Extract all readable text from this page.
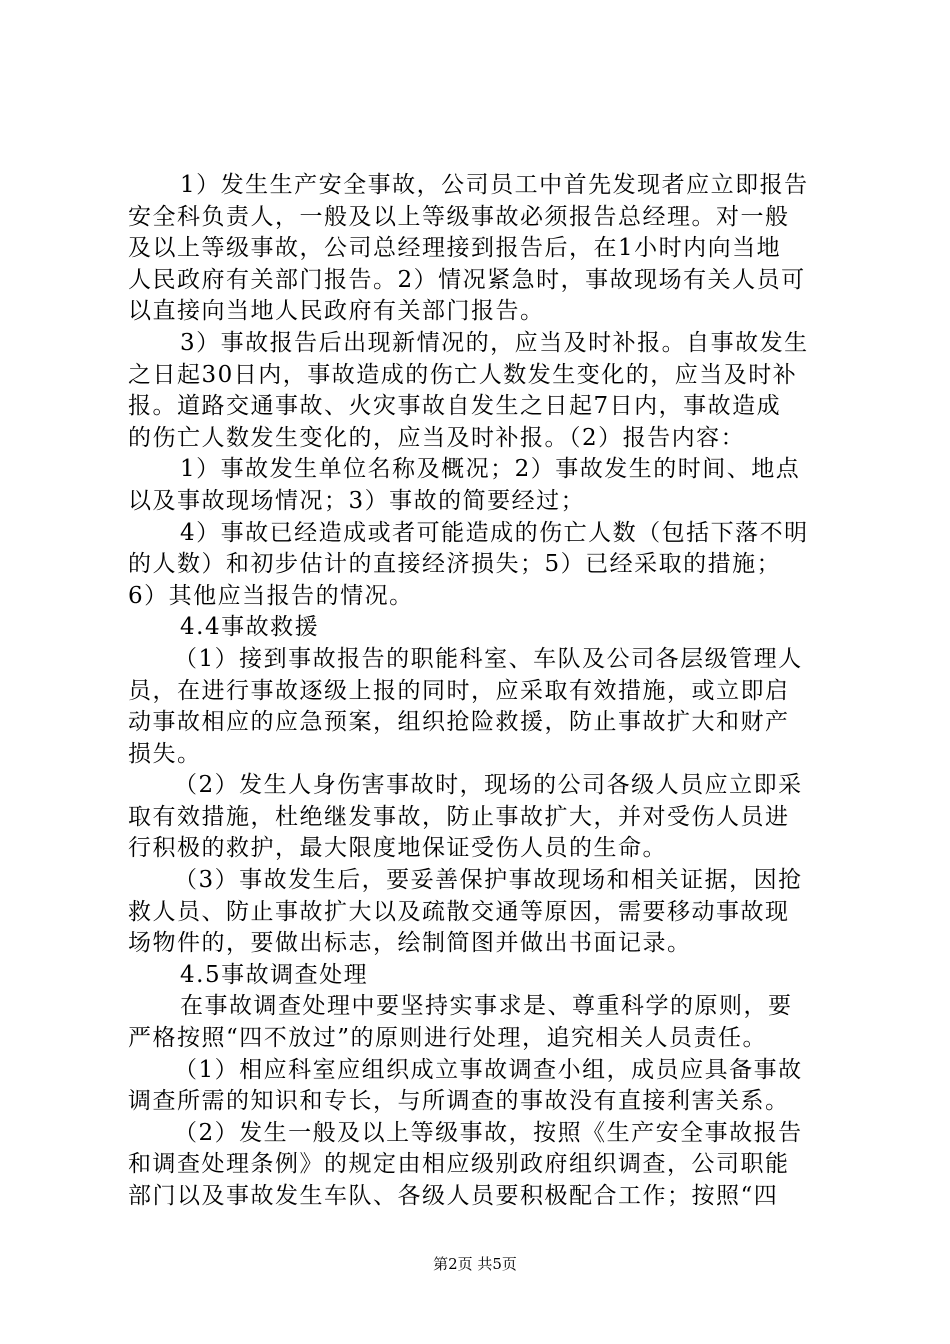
1）发生生产安全事故，公司员工中首先发现者应立即报告
安全科负责人，一般及以上等级事故必须报告总经理。对一般
及以上等级事故，公司总经理接到报告后，在1小时内向当地
人民政府有关部门报告。2）情况紧急时，事故现场有关人员可
以直接向当地人民政府有关部门报告。
3）事故报告后出现新情况的，应当及时补报。自事故发生
之日起30日内，事故造成的伤亡人数发生变化的，应当及时补
报。道路交通事故、火灾事故自发生之日起7日内，事故造成
的伤亡人数发生变化的，应当及时补报。（2）报告内容：
1）事故发生单位名称及概况；2）事故发生的时间、地点
以及事故现场情况；3）事故的简要经过；
4）事故已经造成或者可能造成的伤亡人数（包括下落不明
的人数）和初步估计的直接经济损失；5）已经采取的措施；
6）其他应当报告的情况。
4.4事故救援
（1）接到事故报告的职能科室、车队及公司各层级管理人
员，在进行事故逐级上报的同时，应采取有效措施，或立即启
动事故相应的应急预案，组织抢险救援，防止事故扩大和财产
损失。
（2）发生人身伤害事故时，现场的公司各级人员应立即采
取有效措施，杜绝继发事故，防止事故扩大，并对受伤人员进
行积极的救护，最大限度地保证受伤人员的生命。
（3）事故发生后，要妥善保护事故现场和相关证据，因抢
救人员、防止事故扩大以及疏散交通等原因，需要移动事故现
场物件的，要做出标志，绘制简图并做出书面记录。
4.5事故调查处理
在事故调查处理中要坚持实事求是、尊重科学的原则，要
严格按照“四不放过”的原则进行处理，追究相关人员责任。
（1）相应科室应组织成立事故调查小组，成员应具备事故
调查所需的知识和专长，与所调查的事故没有直接利害关系。
（2）发生一般及以上等级事故，按照《生产安全事故报告
和调查处理条例》的规定由相应级别政府组织调查，公司职能
部门以及事故发生车队、各级人员要积极配合工作；按照“四
第2页 共5页
